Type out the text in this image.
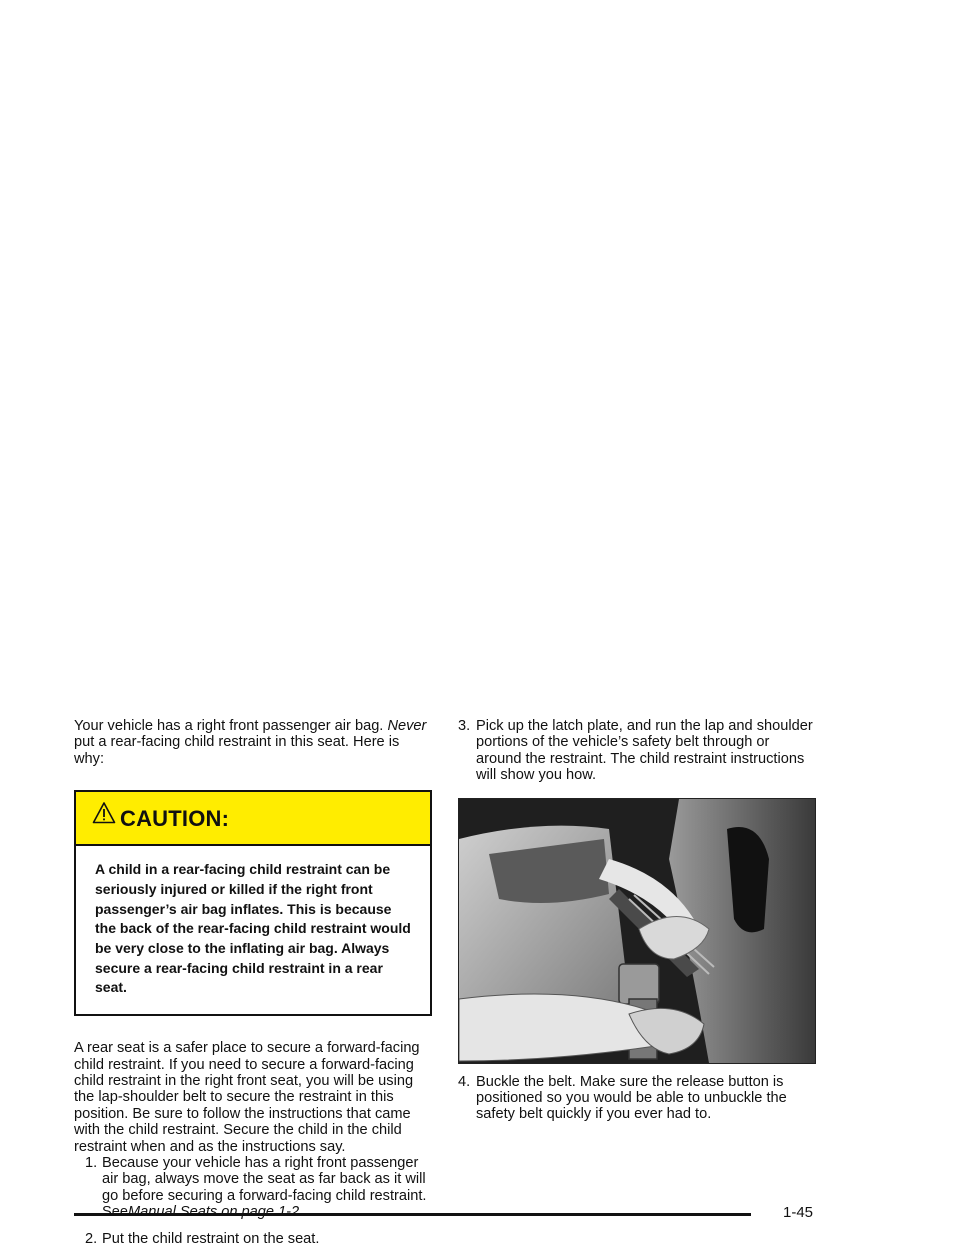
Your vehicle has a right front passenger air bag. Never put a rear-facing child restraint in this seat. Here is why:

CAUTION:
A child in a rear-facing child restraint can be seriously injured or killed if the right front passenger’s air bag inflates. This is because the back of the rear-facing child restraint would be very close to the inflating air bag. Always secure a rear-facing child restraint in a rear seat.

A rear seat is a safer place to secure a forward-facing child restraint. If you need to secure a forward-facing child restraint in the right front seat, you will be using the lap-shoulder belt to secure the restraint in this position. Be sure to follow the instructions that came with the child restraint. Secure the child in the child restraint when and as the instructions say.

1. Because your vehicle has a right front passenger air bag, always move the seat as far back as it will go before securing a forward-facing child restraint.
2. Put the child restraint on the seat.
3. Pick up the latch plate, and run the lap and shoulder portions of the vehicle’s safety belt through or around the restraint. The child restraint instructions will show you how.
4. Buckle the belt. Make sure the release button is positioned so you would be able to unbuckle the safety belt quickly if you ever had to.
1-45
